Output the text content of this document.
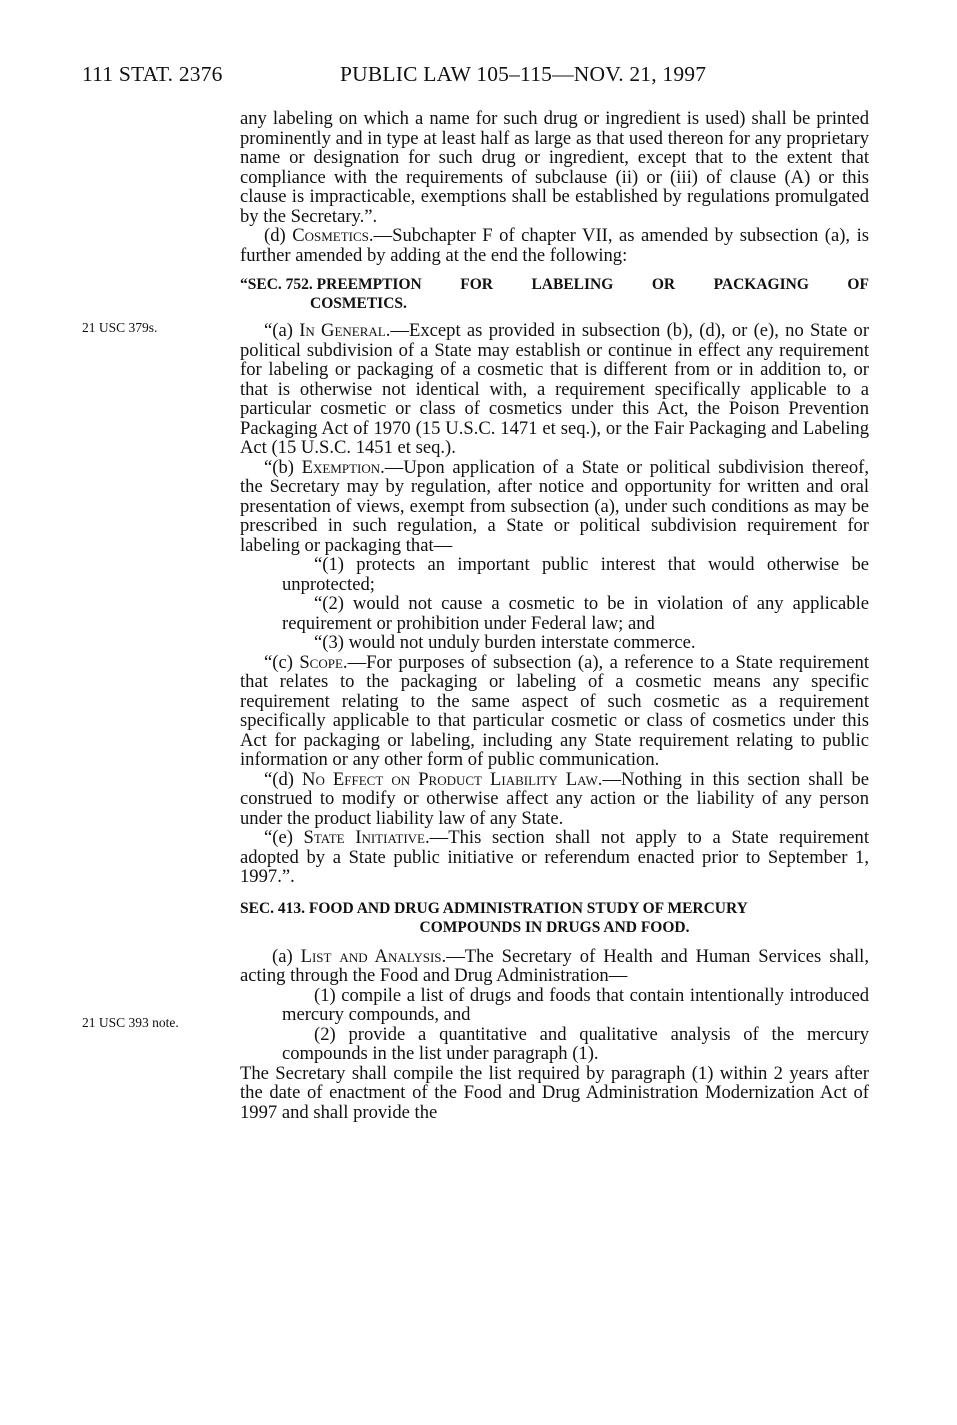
111 STAT. 2376	PUBLIC LAW 105–115—NOV. 21, 1997
21 USC 379s.
21 USC 393 note.

any labeling on which a name for such drug or ingredient is used) shall be printed prominently and in type at least half as large as that used thereon for any proprietary name or designation for such drug or ingredient, except that to the extent that compliance with the requirements of subclause (ii) or (iii) of clause (A) or this clause is impracticable, exemptions shall be established by regulations promulgated by the Secretary.”.

(d) Cosmetics.—Subchapter F of chapter VII, as amended by subsection (a), is further amended by adding at the end the following:

“SEC. 752. PREEMPTION FOR LABELING OR PACKAGING OF
COSMETICS.

“(a) In General.—Except as provided in subsection (b), (d), or (e), no State or political subdivision of a State may establish or continue in effect any requirement for labeling or packaging of a cosmetic that is different from or in addition to, or that is otherwise not identical with, a requirement specifically applicable to a particular cosmetic or class of cosmetics under this Act, the Poison Prevention Packaging Act of 1970 (15 U.S.C. 1471 et seq.), or the Fair Packaging and Labeling Act (15 U.S.C. 1451 et seq.).

“(b) Exemption.—Upon application of a State or political subdivision thereof, the Secretary may by regulation, after notice and opportunity for written and oral presentation of views, exempt from subsection (a), under such conditions as may be prescribed in such regulation, a State or political subdivision requirement for labeling or packaging that—

“(1) protects an important public interest that would otherwise be unprotected;

“(2) would not cause a cosmetic to be in violation of any applicable requirement or prohibition under Federal law; and

“(3) would not unduly burden interstate commerce.

“(c) Scope.—For purposes of subsection (a), a reference to a State requirement that relates to the packaging or labeling of a cosmetic means any specific requirement relating to the same aspect of such cosmetic as a requirement specifically applicable to that particular cosmetic or class of cosmetics under this Act for packaging or labeling, including any State requirement relating to public information or any other form of public communication.

“(d) No Effect on Product Liability Law.—Nothing in this section shall be construed to modify or otherwise affect any action or the liability of any person under the product liability law of any State.

“(e) State Initiative.—This section shall not apply to a State requirement adopted by a State public initiative or referendum enacted prior to September 1, 1997.”.

SEC. 413. FOOD AND DRUG ADMINISTRATION STUDY OF MERCURY
COMPOUNDS IN DRUGS AND FOOD.

(a) List and Analysis.—The Secretary of Health and Human Services shall, acting through the Food and Drug Administration—

(1) compile a list of drugs and foods that contain intentionally introduced mercury compounds, and

(2) provide a quantitative and qualitative analysis of the mercury compounds in the list under paragraph (1).

The Secretary shall compile the list required by paragraph (1) within 2 years after the date of enactment of the Food and Drug Administration Modernization Act of 1997 and shall provide the
